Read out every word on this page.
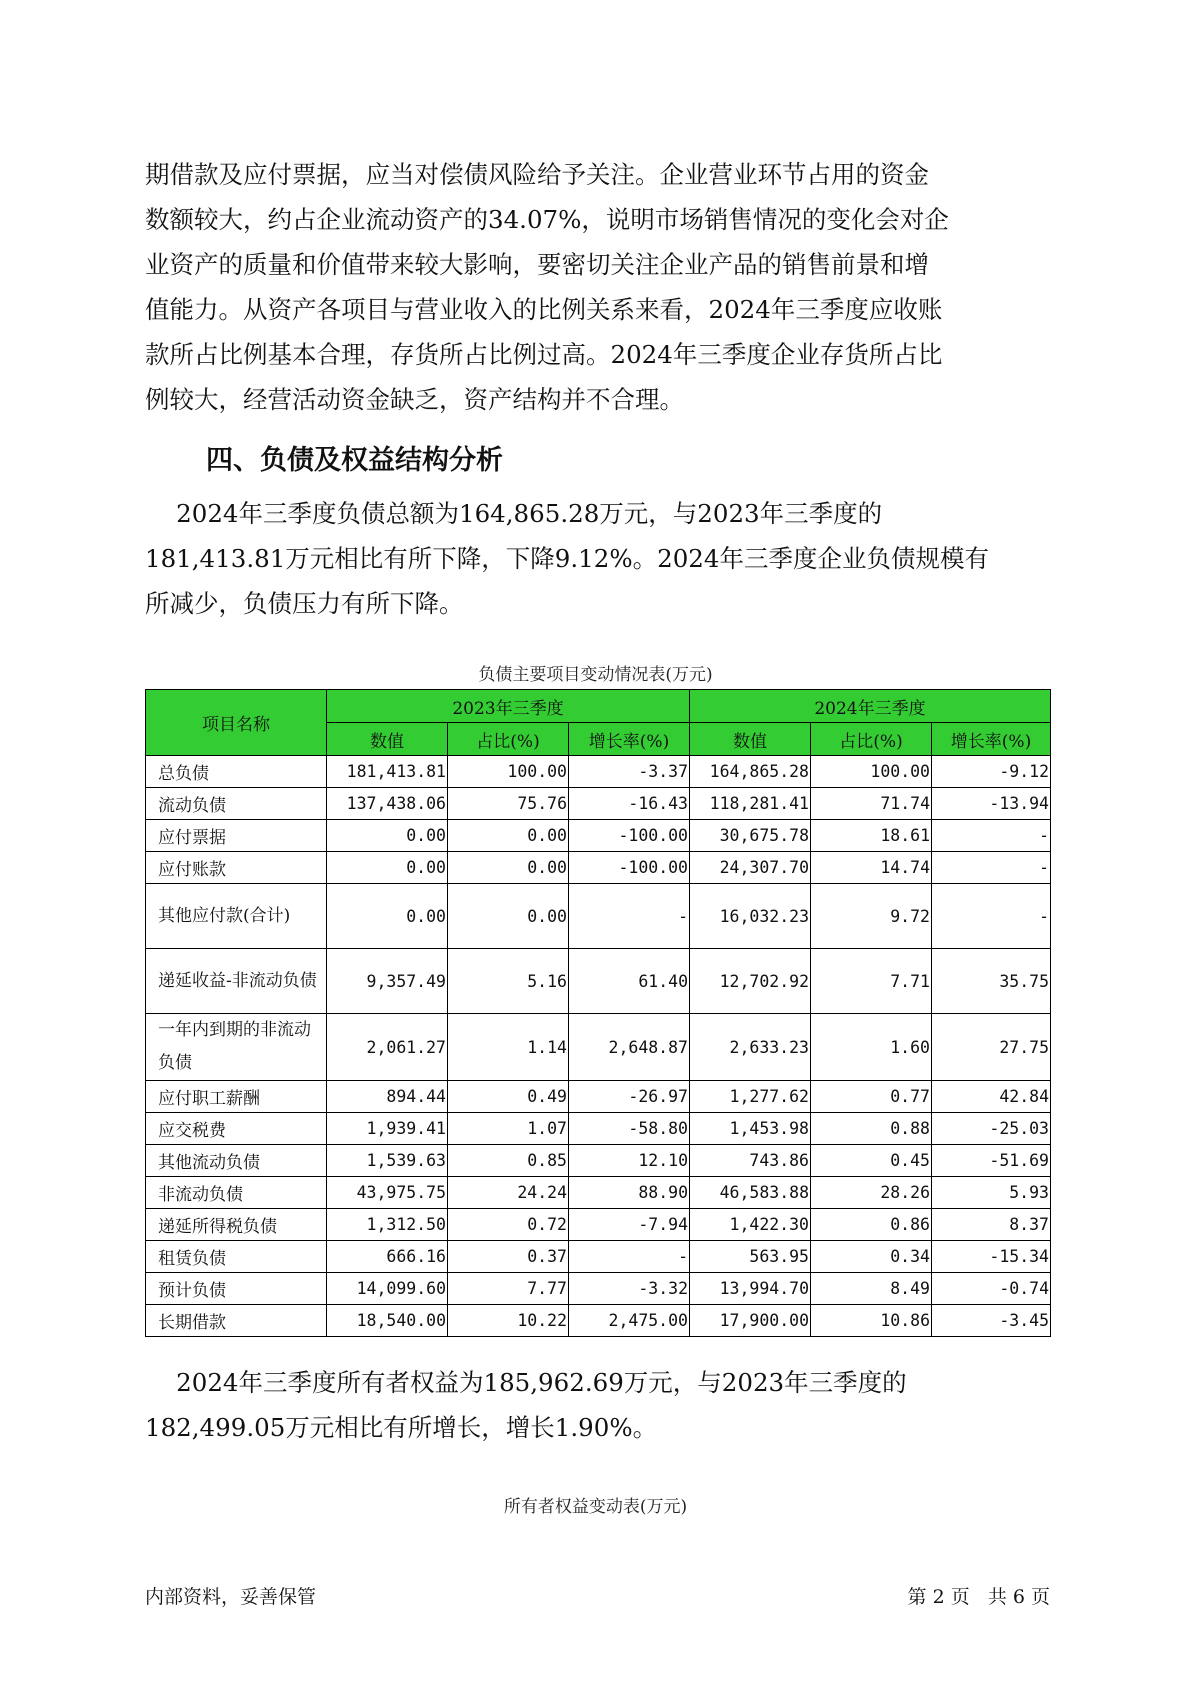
期借款及应付票据，应当对偿债风险给予关注。企业营业环节占用的资金

数额较大，约占企业流动资产的34.07%，说明市场销售情况的变化会对企

业资产的质量和价值带来较大影响，要密切关注企业产品的销售前景和增

值能力。从资产各项目与营业收入的比例关系来看，2024年三季度应收账

款所占比例基本合理，存货所占比例过高。2024年三季度企业存货所占比

例较大，经营活动资金缺乏，资产结构并不合理。

四、负债及权益结构分析

2024年三季度负债总额为164,865.28万元，与2023年三季度的

181,413.81万元相比有所下降，下降9.12%。2024年三季度企业负债规模有

所减少，负债压力有所下降。

负债主要项目变动情况表(万元)
项目名称	2023年三季度			2024年三季度		
	数值	占比(%)	增长率(%)	数值	占比(%)	增长率(%)
总负债	181,413.81	100.00	-3.37	164,865.28	100.00	-9.12
流动负债	137,438.06	75.76	-16.43	118,281.41	71.74	-13.94
应付票据	0.00	0.00	-100.00	30,675.78	18.61	-
应付账款	0.00	0.00	-100.00	24,307.70	14.74	-
其他应付款(合计)	0.00	0.00	-	16,032.23	9.72	-
递延收益-非流动负债	9,357.49	5.16	61.40	12,702.92	7.71	35.75
一年内到期的非流动负债	2,061.27	1.14	2,648.87	2,633.23	1.60	27.75
应付职工薪酬	894.44	0.49	-26.97	1,277.62	0.77	42.84
应交税费	1,939.41	1.07	-58.80	1,453.98	0.88	-25.03
其他流动负债	1,539.63	0.85	12.10	743.86	0.45	-51.69
非流动负债	43,975.75	24.24	88.90	46,583.88	28.26	5.93
递延所得税负债	1,312.50	0.72	-7.94	1,422.30	0.86	8.37
租赁负债	666.16	0.37	-	563.95	0.34	-15.34
预计负债	14,099.60	7.77	-3.32	13,994.70	8.49	-0.74
长期借款	18,540.00	10.22	2,475.00	17,900.00	10.86	-3.45

2024年三季度所有者权益为185,962.69万元，与2023年三季度的

182,499.05万元相比有所增长，增长1.90%。

所有者权益变动表(万元)
内部资料，妥善保管	第 2 页   共 6 页
